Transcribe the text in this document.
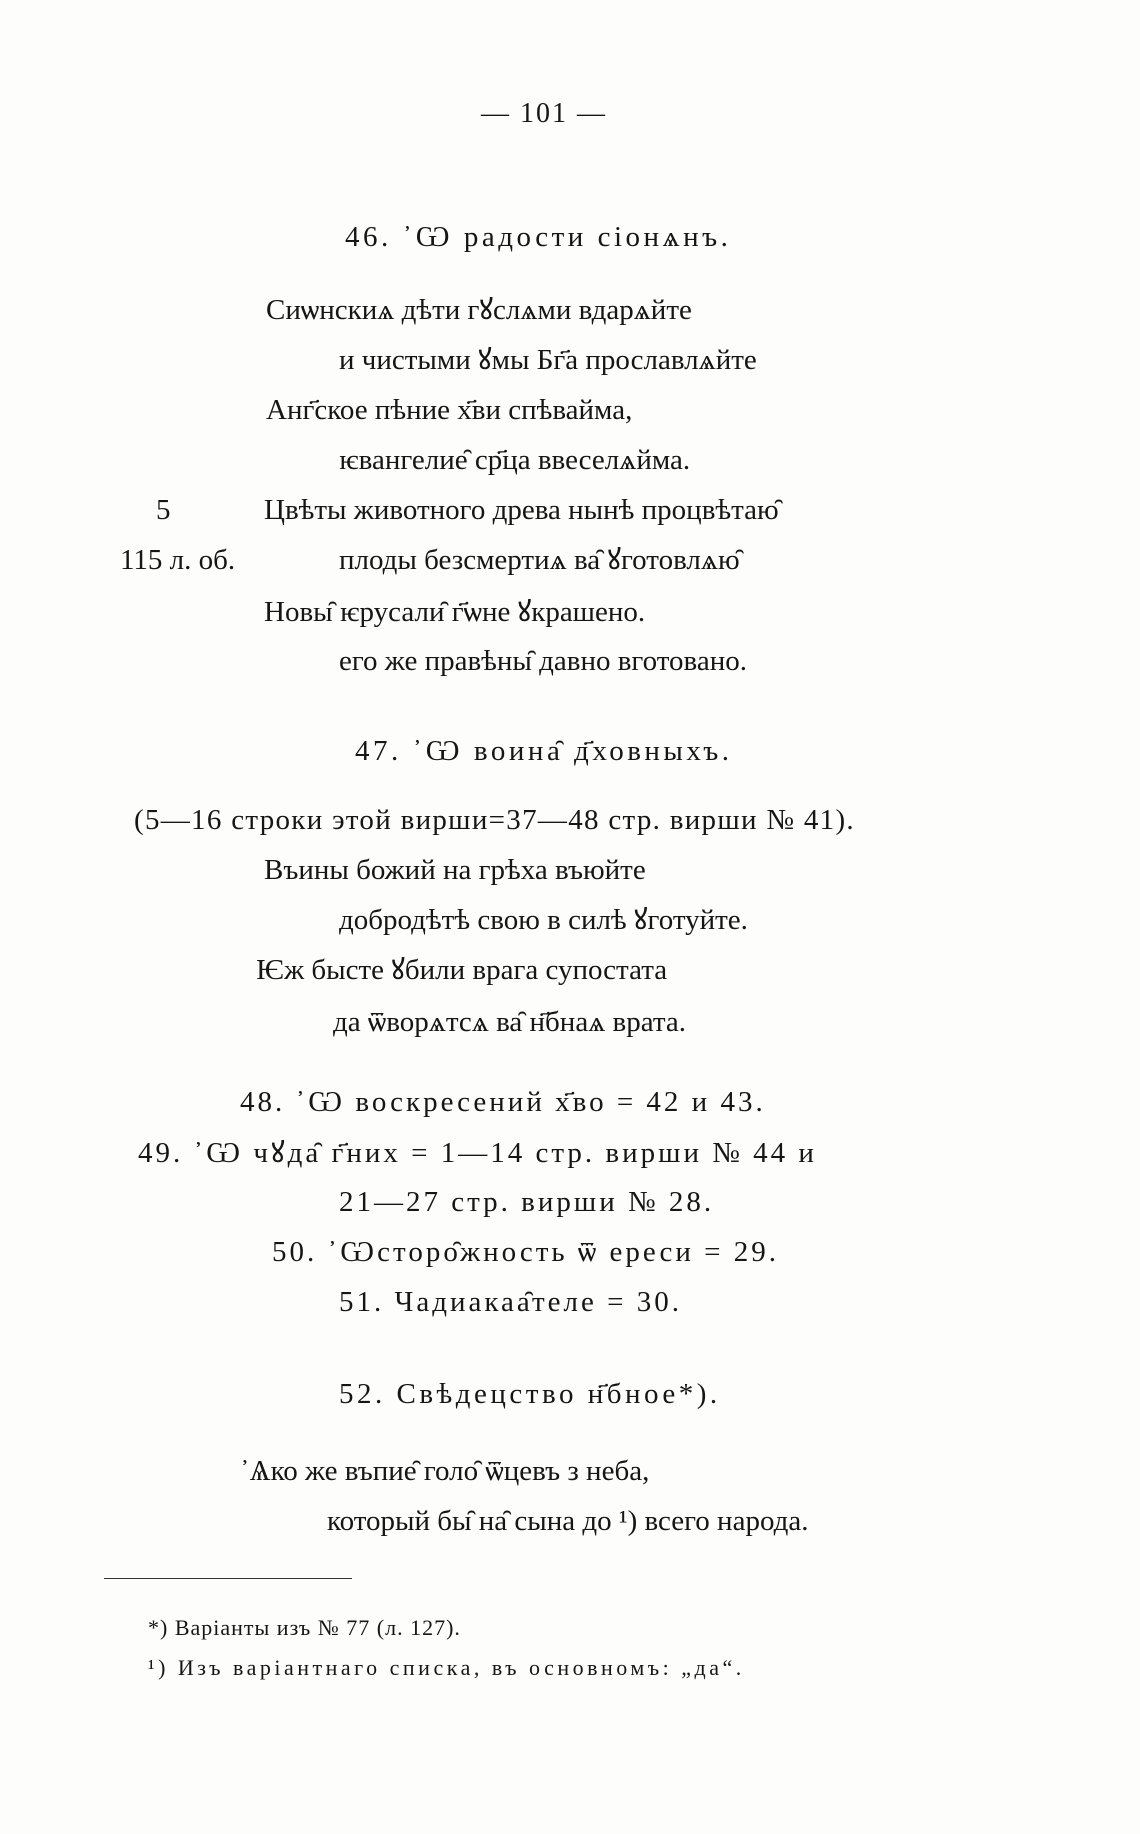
— 101 —
46. ᾿Ѡ радости сіонѧнъ.
Сиѡнскиѧ дѣти гꙋслѧми вдарѧйте
и чистыми ꙋмы Бг҃а прославлѧйте
Анг҃ское пѣние х҃ви спѣвайма,
ѥвангелие̑ ср҃ца ввеселѧйма.
5	Цвѣты животного древа нынѣ процвѣтаю̑
115 л. об.	плоды безсмертиѧ ва̑ ꙋготовлѧю̑
Новы̑ ѥрусали̑ г҃ѡне ꙋкрашено.
его же правѣны̑ давно вготовано.
47. ᾿Ѡ воина̑ д҃ховныхъ.
(5—16 строки этой вирши=37—48 стр. вирши № 41).
Въины божий на грѣха въюйте
добродѣтѣ свою в силѣ ꙋготуйте.
Ѥж бысте ꙋбили врага супостата
да ѿворѧтсѧ ва̑ н҃бнаѧ врата.
48. ᾿Ѡ воскресений х҃во = 42 и 43.
49. ᾿Ѡ чꙋда̑ г҃них = 1—14 стр. вирши № 44 и
21—27 стр. вирши № 28.
50. ᾿Ѡсторо̑жность ѿ ереси = 29.
51. Чадиакаа̑теле = 30.
52. Свѣдецство н҃бное*).
᾿Ѧко же въпие̑ голо̑ ѿцевъ з неба,
который бы̑ на̑ сына до ¹) всего народа.
*) Варіанты изъ № 77 (л. 127).
¹) Изъ варіантнаго списка, въ основномъ: „да“.
